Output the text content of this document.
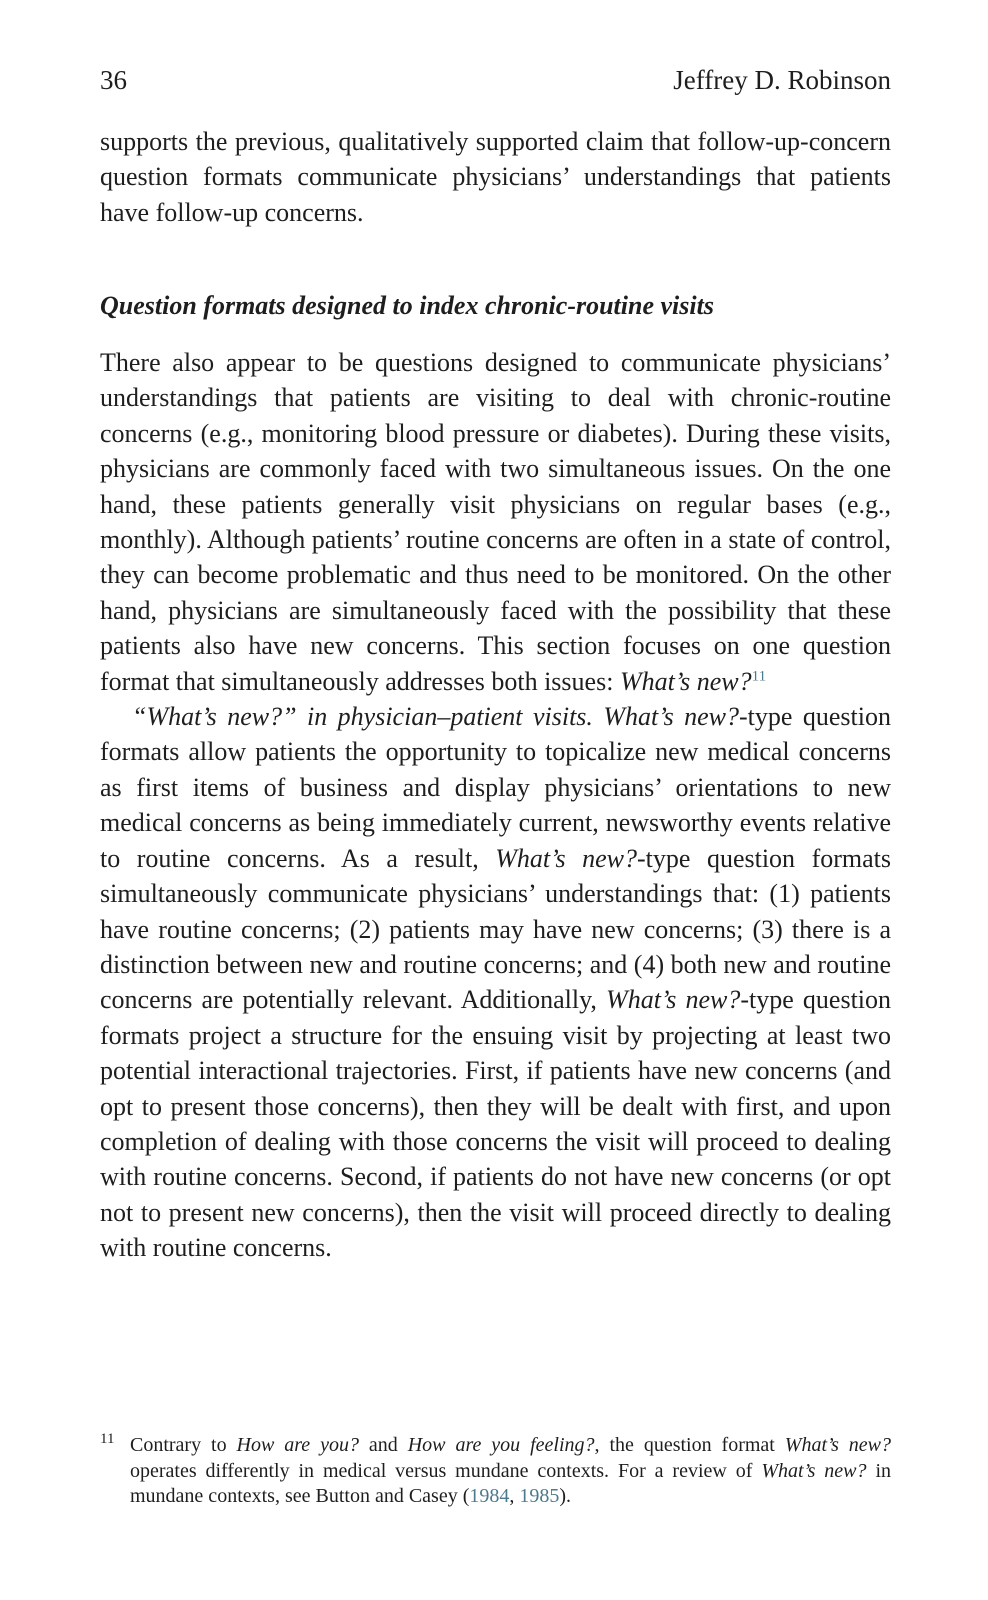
36	Jeffrey D. Robinson

supports the previous, qualitatively supported claim that follow-up-concern question formats communicate physicians’ understandings that patients have follow-up concerns.

Question formats designed to index chronic-routine visits

There also appear to be questions designed to communicate physicians’ understandings that patients are visiting to deal with chronic-routine concerns (e.g., monitoring blood pressure or diabetes). During these visits, physicians are commonly faced with two simultaneous issues. On the one hand, these patients generally visit physicians on regular bases (e.g., monthly). Although patients’ routine concerns are often in a state of control, they can become problematic and thus need to be monitored. On the other hand, physicians are simultaneously faced with the possibility that these patients also have new concerns. This section focuses on one question format that simultaneously addresses both issues: What’s new?$^{11}$

“What’s new?” in physician–patient visits. What’s new?-type question formats allow patients the opportunity to topicalize new medical concerns as first items of business and display physicians’ orientations to new medical concerns as being immediately current, newsworthy events relative to routine concerns. As a result, What’s new?-type question formats simultaneously communicate physicians’ understandings that: (1) patients have routine concerns; (2) patients may have new concerns; (3) there is a distinction between new and routine concerns; and (4) both new and routine concerns are potentially relevant. Additionally, What’s new?-type question formats project a structure for the ensuing visit by projecting at least two potential interactional trajectories. First, if patients have new concerns (and opt to present those concerns), then they will be dealt with first, and upon completion of dealing with those concerns the visit will proceed to dealing with routine concerns. Second, if patients do not have new concerns (or opt not to present new concerns), then the visit will proceed directly to dealing with routine concerns.

11 Contrary to How are you? and How are you feeling?, the question format What’s new? operates differently in medical versus mundane contexts. For a review of What’s new? in mundane contexts, see Button and Casey (1984, 1985).
